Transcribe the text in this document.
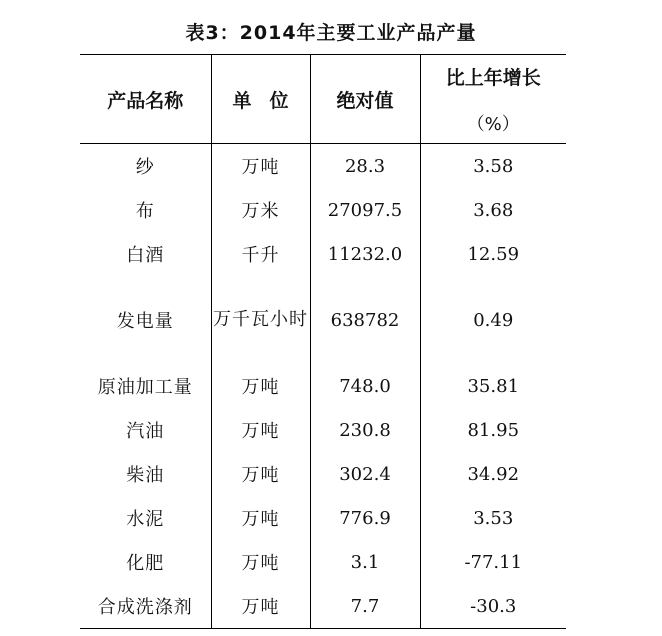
表3：2014年主要工业产品产量
产品名称	单位	绝对值	比上年增长
（%）

纱	万吨	28.3	3.58
布	万米	27097.5	3.68
白酒	千升	11232.0	12.59
发电量	万千瓦小时	638782	0.49
原油加工量	万吨	748.0	35.81
汽油	万吨	230.8	81.95
柴油	万吨	302.4	34.92
水泥	万吨	776.9	3.53
化肥	万吨	3.1	-77.11
合成洗涤剂	万吨	7.7	-30.3
